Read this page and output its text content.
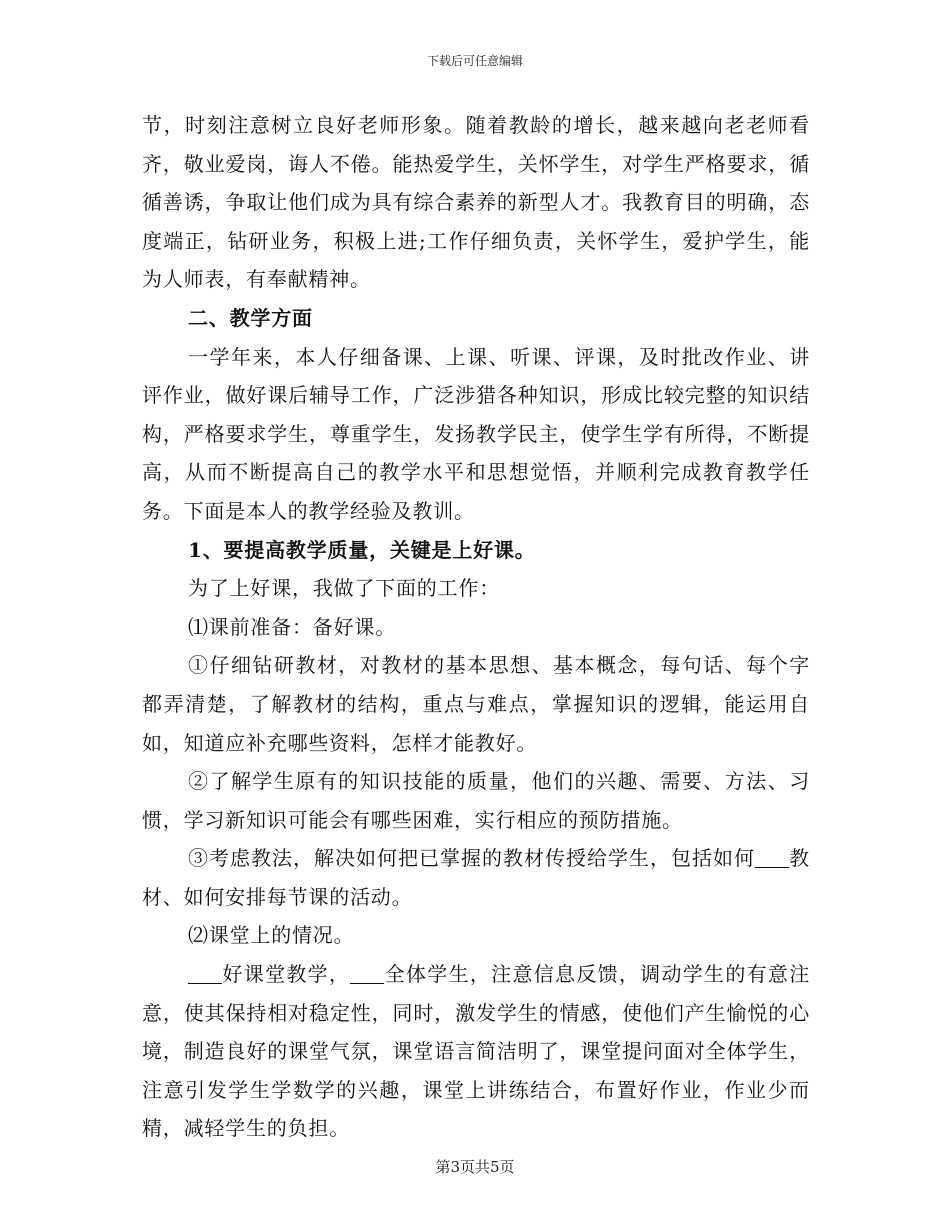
下载后可任意编辑

节，时刻注意树立良好老师形象。随着教龄的增长，越来越向老老师看齐，敬业爱岗，诲人不倦。能热爱学生，关怀学生，对学生严格要求，循循善诱，争取让他们成为具有综合素养的新型人才。我教育目的明确，态度端正，钻研业务，积极上进;工作仔细负责，关怀学生，爱护学生，能为人师表，有奉献精神。

二、教学方面

一学年来，本人仔细备课、上课、听课、评课，及时批改作业、讲评作业，做好课后辅导工作，广泛涉猎各种知识，形成比较完整的知识结构，严格要求学生，尊重学生，发扬教学民主，使学生学有所得，不断提高，从而不断提高自己的教学水平和思想觉悟，并顺利完成教育教学任务。下面是本人的教学经验及教训。

1、要提高教学质量，关键是上好课。

为了上好课，我做了下面的工作：

⑴课前准备：备好课。

①仔细钻研教材，对教材的基本思想、基本概念，每句话、每个字都弄清楚，了解教材的结构，重点与难点，掌握知识的逻辑，能运用自如，知道应补充哪些资料，怎样才能教好。

②了解学生原有的知识技能的质量，他们的兴趣、需要、方法、习惯，学习新知识可能会有哪些困难，实行相应的预防措施。

③考虑教法，解决如何把已掌握的教材传授给学生，包括如何 教材、如何安排每节课的活动。

⑵课堂上的情况。

好课堂教学， 全体学生，注意信息反馈，调动学生的有意注意，使其保持相对稳定性，同时，激发学生的情感，使他们产生愉悦的心境，制造良好的课堂气氛，课堂语言简洁明了，课堂提问面对全体学生，注意引发学生学数学的兴趣，课堂上讲练结合，布置好作业，作业少而精，减轻学生的负担。

第3页共5页
